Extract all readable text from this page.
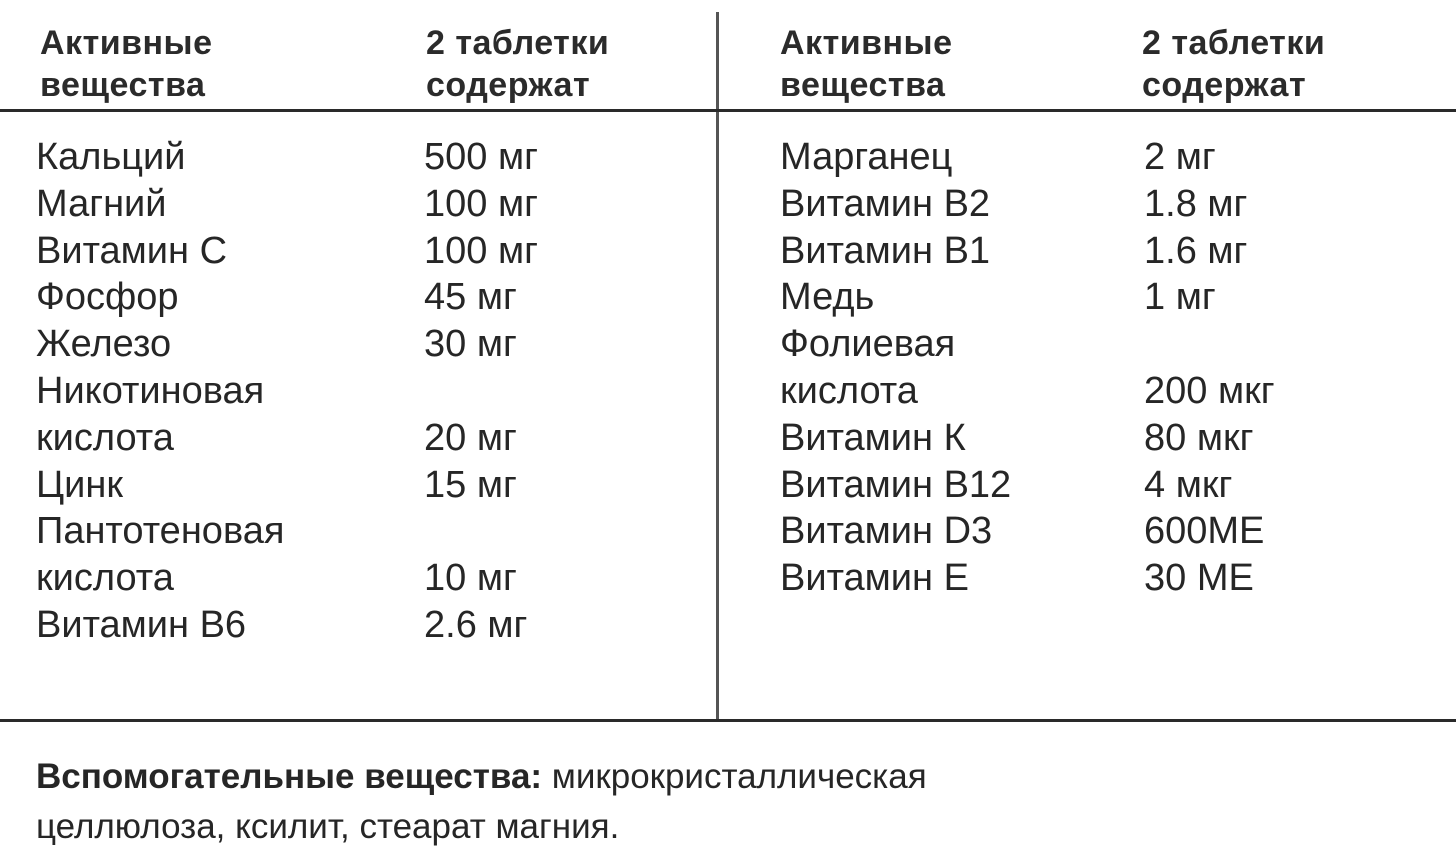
Активные
вещества
2 таблетки
содержат
Активные
вещества
2 таблетки
содержат
Кальций
Магний
Витамин С
Фосфор
Железо
Никотиновая
кислота
Цинк
Пантотеновая
кислота
Витамин В6
500 мг
100 мг
100 мг
45 мг
30 мг
20 мг
15 мг
10 мг
2.6 мг
Марганец
Витамин В2
Витамин В1
Медь
Фолиевая
кислота
Витамин К
Витамин В12
Витамин D3
Витамин Е
2 мг
1.8 мг
1.6 мг
1 мг
200 мкг
80 мкг
4 мкг
600МЕ
30 МЕ
Вспомогательные вещества: микрокристаллическая
целлюлоза, ксилит, стеарат магния.
